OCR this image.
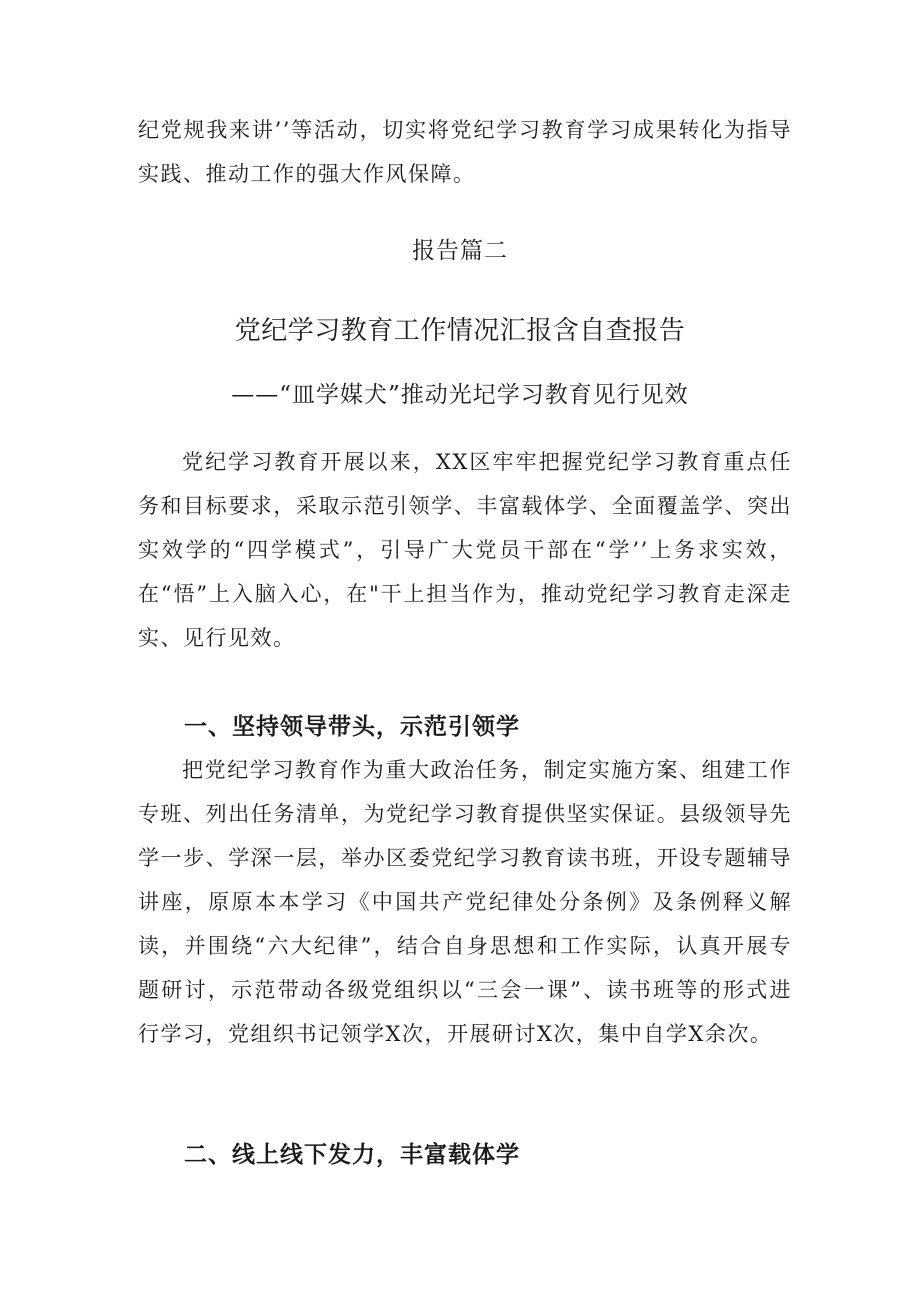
纪党规我来讲’’等活动，切实将党纪学习教育学习成果转化为指导实践、推动工作的强大作风保障。

报告篇二

党纪学习教育工作情况汇报含自查报告

——“皿学媒犬”推动光圮学习教育见行见效

党纪学习教育开展以来，XX区牢牢把握党纪学习教育重点任务和目标要求，采取示范引领学、丰富载体学、全面覆盖学、突出实效学的“四学模式”，引导广大党员干部在“学’’上务求实效，在“悟”上入脑入心，在"干上担当作为，推动党纪学习教育走深走实、见行见效。

一、坚持领导带头，示范引领学

把党纪学习教育作为重大政治任务，制定实施方案、组建工作专班、列出任务清单，为党纪学习教育提供坚实保证。县级领导先学一步、学深一层，举办区委党纪学习教育读书班，开设专题辅导讲座，原原本本学习《中国共产党纪律处分条例》及条例释义解读，并围绕“六大纪律”，结合自身思想和工作实际，认真开展专题研讨，示范带动各级党组织以“三会一课”、读书班等的形式进行学习，党组织书记领学X次，开展研讨X次，集中自学X余次。

二、线上线下发力，丰富载体学
